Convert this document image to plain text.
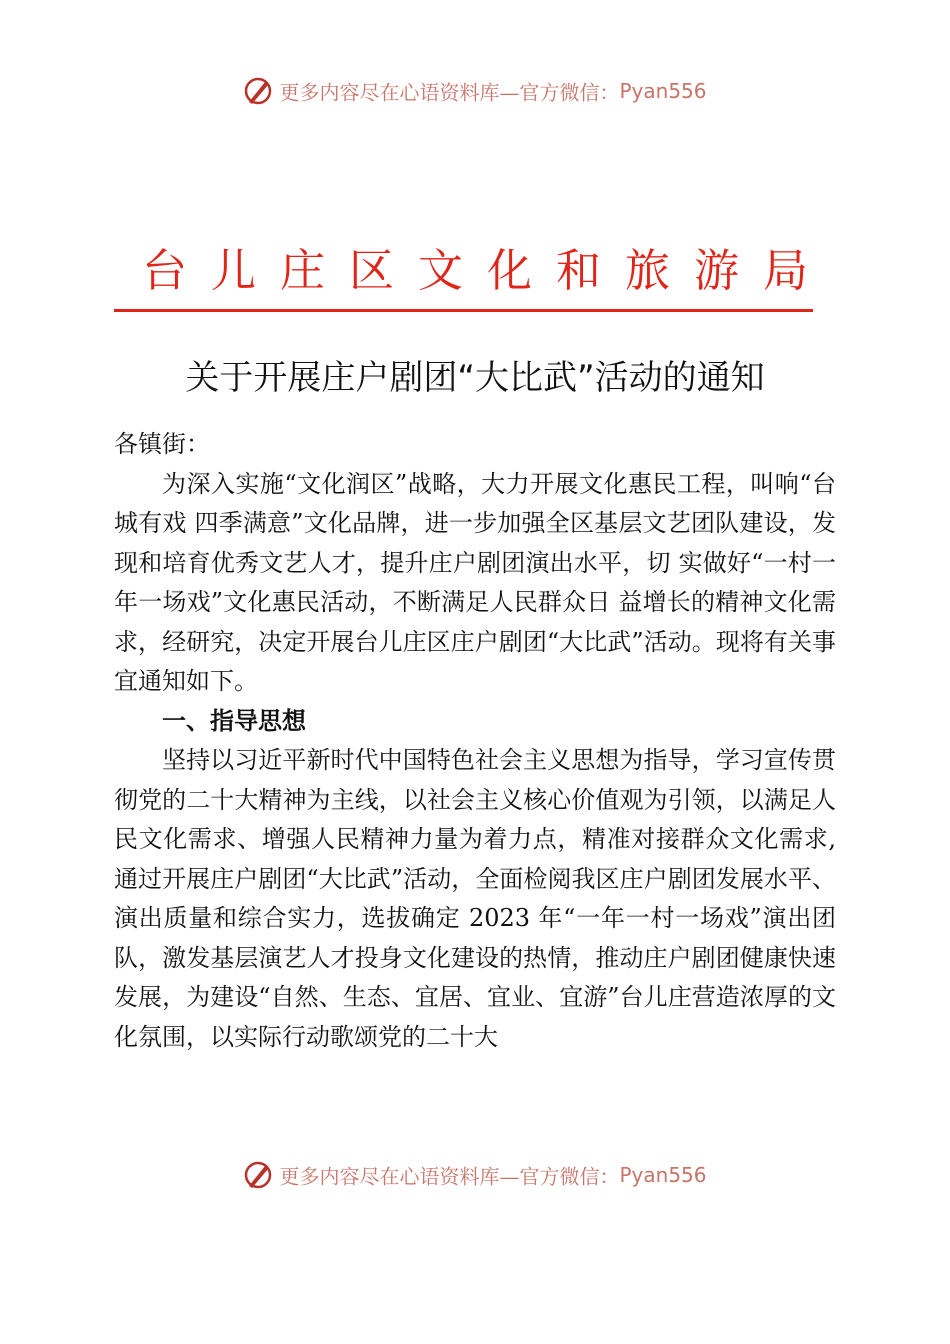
更多内容尽在心语资料库—官方微信：Pyan556
台儿庄区文化和旅游局
关于开展庄户剧团“大比武”活动的通知

各镇街：

为深入实施“文化润区”战略，大力开展文化惠民工程，叫响“台城有戏 四季满意”文化品牌，进一步加强全区基层文艺团队建设，发现和培育优秀文艺人才，提升庄户剧团演出水平，切 实做好“一村一年一场戏”文化惠民活动，不断满足人民群众日 益增长的精神文化需求，经研究，决定开展台儿庄区庄户剧团“大比武”活动。现将有关事宜通知如下。

一、指导思想

坚持以习近平新时代中国特色社会主义思想为指导，学习宣传贯彻党的二十大精神为主线，以社会主义核心价值观为引领，以满足人民文化需求、增强人民精神力量为着力点，精准对接群众文化需求,通过开展庄户剧团“大比武”活动，全面检阅我区庄户剧团发展水平、演出质量和综合实力，选拔确定 2023 年“一年一村一场戏”演出团队，激发基层演艺人才投身文化建设的热情，推动庄户剧团健康快速发展，为建设“自然、生态、宜居、宜业、宜游”台儿庄营造浓厚的文化氛围，以实际行动歌颂党的二十大

更多内容尽在心语资料库—官方微信：Pyan556
